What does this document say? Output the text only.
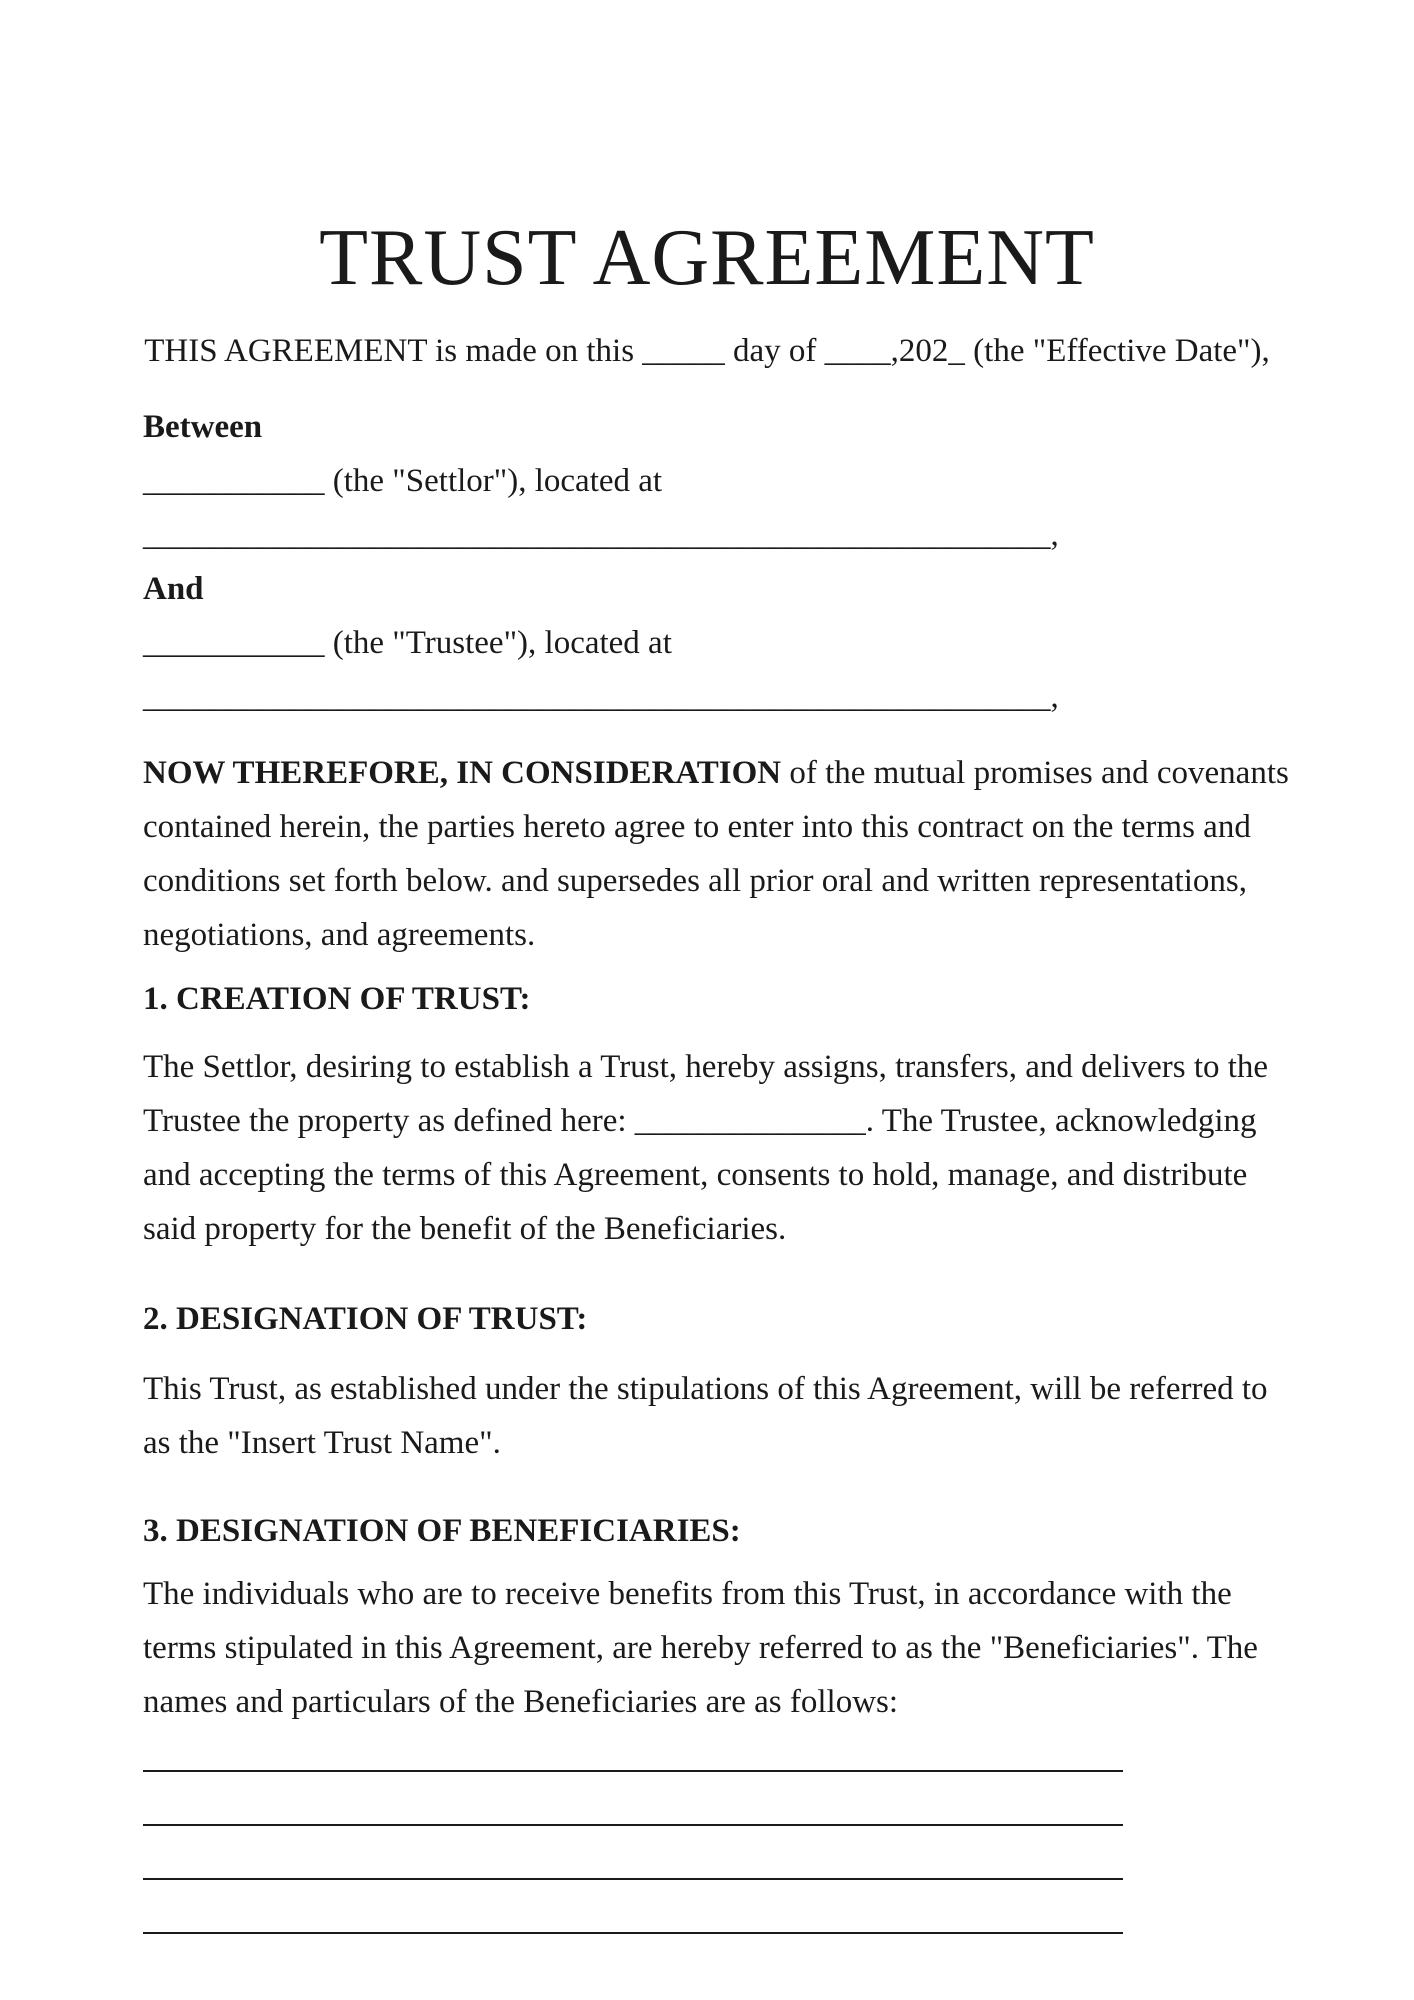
TRUST AGREEMENT
THIS AGREEMENT is made on this _____ day of ____,202_ (the "Effective Date"),

Between

___________ (the "Settlor"), located at

_______________________________________________________,

And

___________ (the "Trustee"), located at

_______________________________________________________,

NOW THEREFORE, IN CONSIDERATION of the mutual promises and covenants contained herein, the parties hereto agree to enter into this contract on the terms and conditions set forth below. and supersedes all prior oral and written representations, negotiations, and agreements.

1. CREATION OF TRUST:

The Settlor, desiring to establish a Trust, hereby assigns, transfers, and delivers to the Trustee the property as defined here: ______________. The Trustee, acknowledging and accepting the terms of this Agreement, consents to hold, manage, and distribute said property for the benefit of the Beneficiaries.

2. DESIGNATION OF TRUST:

This Trust, as established under the stipulations of this Agreement, will be referred to as the "Insert Trust Name".

3. DESIGNATION OF BENEFICIARIES:

The individuals who are to receive benefits from this Trust, in accordance with the terms stipulated in this Agreement, are hereby referred to as the "Beneficiaries". The names and particulars of the Beneficiaries are as follows:
